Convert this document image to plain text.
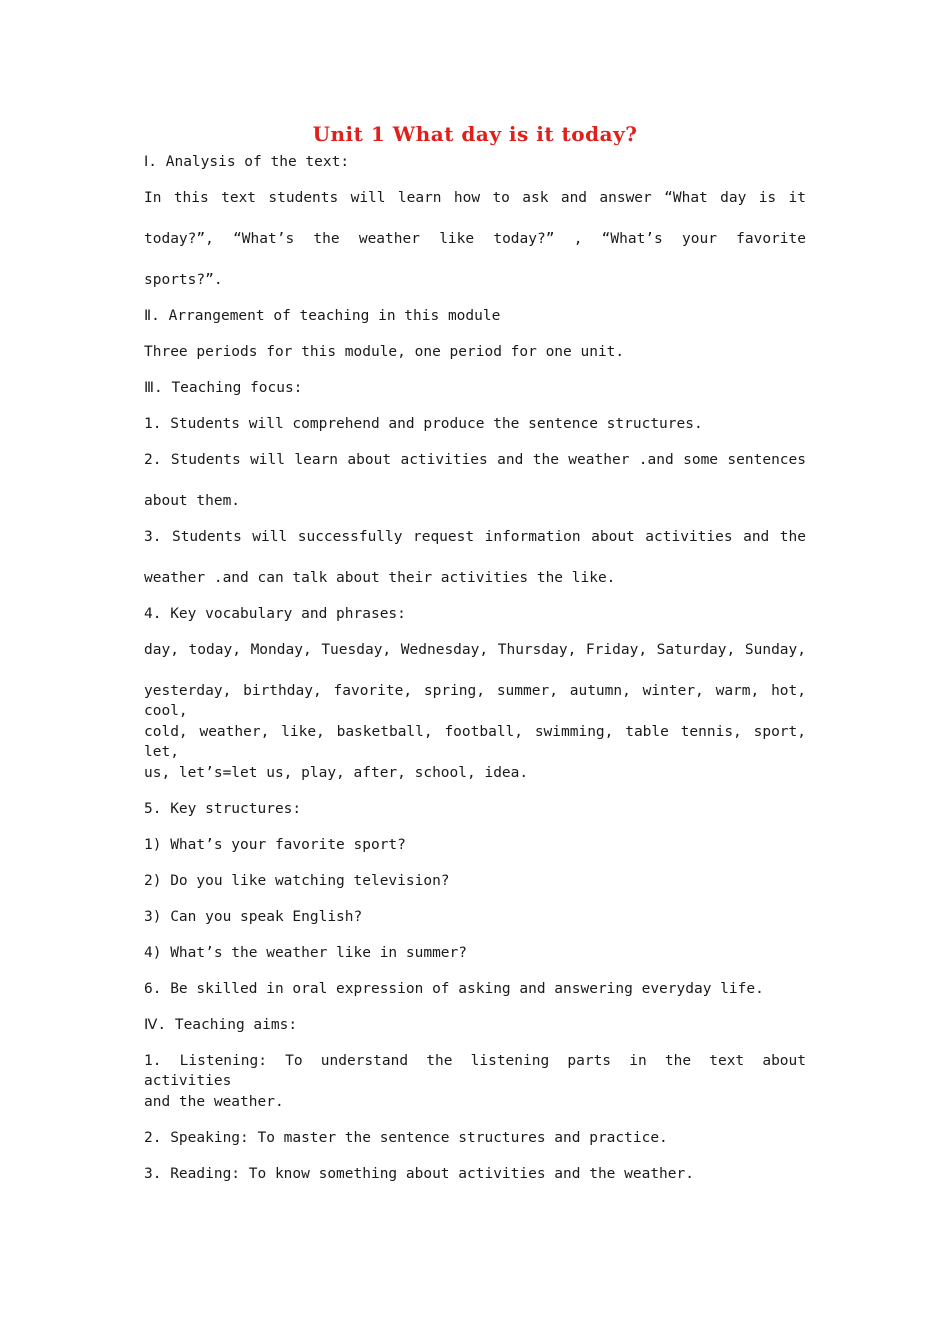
Unit 1 What day is it today?
Ⅰ. Analysis of the text:
In this text students will learn how to ask and answer “What day is it
today?”, “What’s the weather like today?” , “What’s your favorite
sports?”.
Ⅱ. Arrangement of teaching in this module
Three periods for this module, one period for one unit.
Ⅲ. Teaching focus:
1. Students will comprehend and produce the sentence structures.
2. Students will learn about activities and the weather .and some sentences
about them.
3. Students will successfully request information about activities and the
weather .and can talk about their activities the like.
4. Key vocabulary and phrases:
day, today, Monday, Tuesday, Wednesday, Thursday, Friday, Saturday, Sunday,
yesterday, birthday, favorite, spring, summer, autumn, winter, warm, hot, cool,
cold, weather, like, basketball, football, swimming, table tennis, sport, let,
us, let’s=let us, play, after, school, idea.
5. Key structures:
1) What’s your favorite sport?
2) Do you like watching television?
3) Can you speak English?
4) What’s the weather like in summer?
6. Be skilled in oral expression of asking and answering everyday life.
Ⅳ. Teaching aims:
1. Listening: To understand the listening parts in the text about activities
and the weather.
2. Speaking: To master the sentence structures and practice.
3. Reading: To know something about activities and the weather.
